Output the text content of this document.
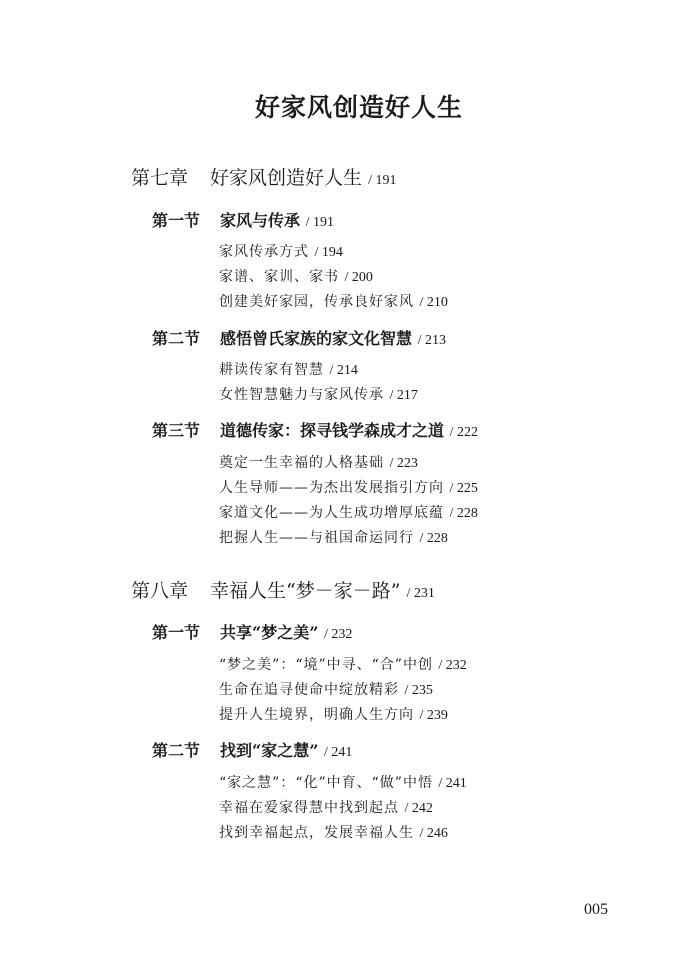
好家风创造好人生
第七章 好家风创造好人生 / 191
第一节 家风与传承 / 191
家风传承方式 / 194
家谱、家训、家书 / 200
创建美好家园，传承良好家风 / 210
第二节 感悟曾氏家族的家文化智慧 / 213
耕读传家有智慧 / 214
女性智慧魅力与家风传承 / 217
第三节 道德传家：探寻钱学森成才之道 / 222
奠定一生幸福的人格基础 / 223
人生导师——为杰出发展指引方向 / 225
家道文化——为人生成功增厚底蕴 / 228
把握人生——与祖国命运同行 / 228
第八章 幸福人生“梦－家－路” / 231
第一节 共享“梦之美” / 232
“梦之美”：“境”中寻、“合”中创 / 232
生命在追寻使命中绽放精彩 / 235
提升人生境界，明确人生方向 / 239
第二节 找到“家之慧” / 241
“家之慧”：“化”中育、“做”中悟 / 241
幸福在爱家得慧中找到起点 / 242
找到幸福起点，发展幸福人生 / 246
005
